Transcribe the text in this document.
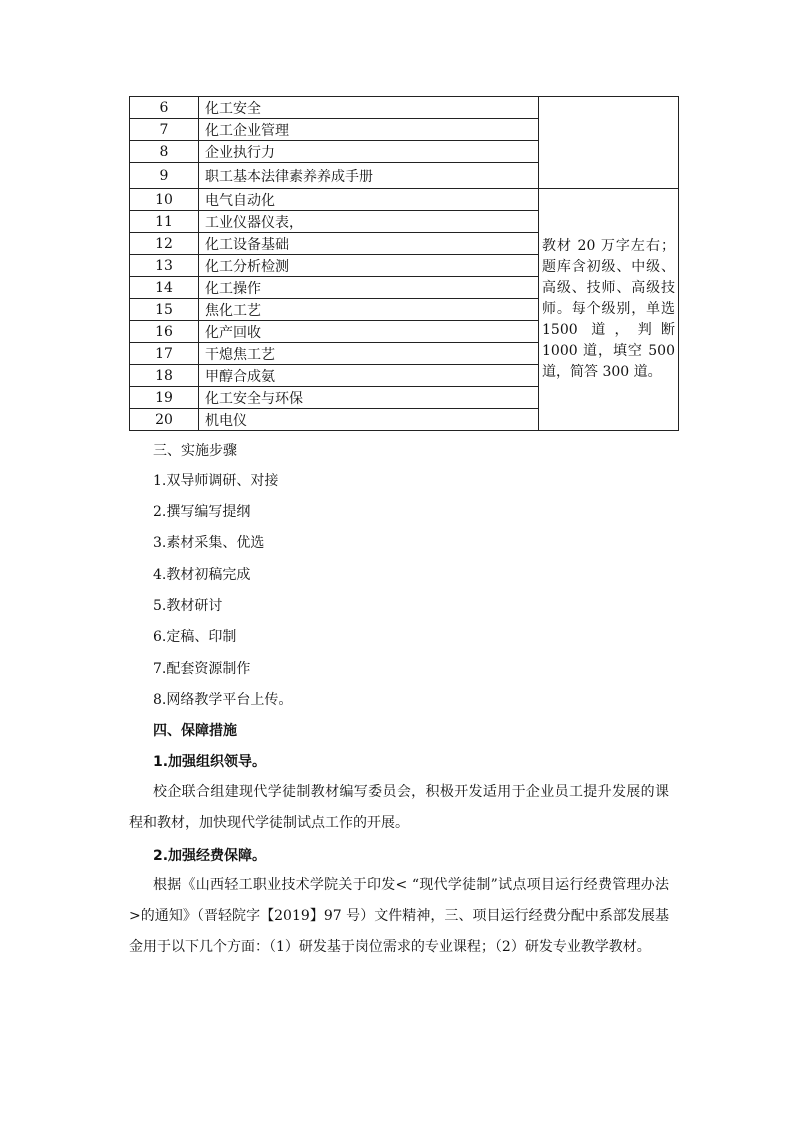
6	化工安全	
7	化工企业管理	
8	企业执行力	
9	职工基本法律素养养成手册	
10	电气自动化	教材 20 万字左右；题库含初级、中级、高级、技师、高级技师。每个级别，单选 1500 道，判断 1000 道，填空 500 道，简答 300 道。
11	工业仪器仪表，	
12	化工设备基础	
13	化工分析检测	
14	化工操作	
15	焦化工艺	
16	化产回收	
17	干熄焦工艺	
18	甲醇合成氨	
19	化工安全与环保	
20	机电仪	
三、实施步骤
1.双导师调研、对接
2.撰写编写提纲
3.素材采集、优选
4.教材初稿完成
5.教材研讨
6.定稿、印制
7.配套资源制作
8.网络教学平台上传。
四、保障措施
1.加强组织领导。
校企联合组建现代学徒制教材编写委员会，积极开发适用于企业员工提升发展的课程和教材，加快现代学徒制试点工作的开展。
2.加强经费保障。
根据《山西轻工职业技术学院关于印发< “现代学徒制”试点项目运行经费管理办法>的通知》（晋轻院字【2019】97 号）文件精神，三、项目运行经费分配中系部发展基金用于以下几个方面：（1）研发基于岗位需求的专业课程；（2）研发专业教学教材。
